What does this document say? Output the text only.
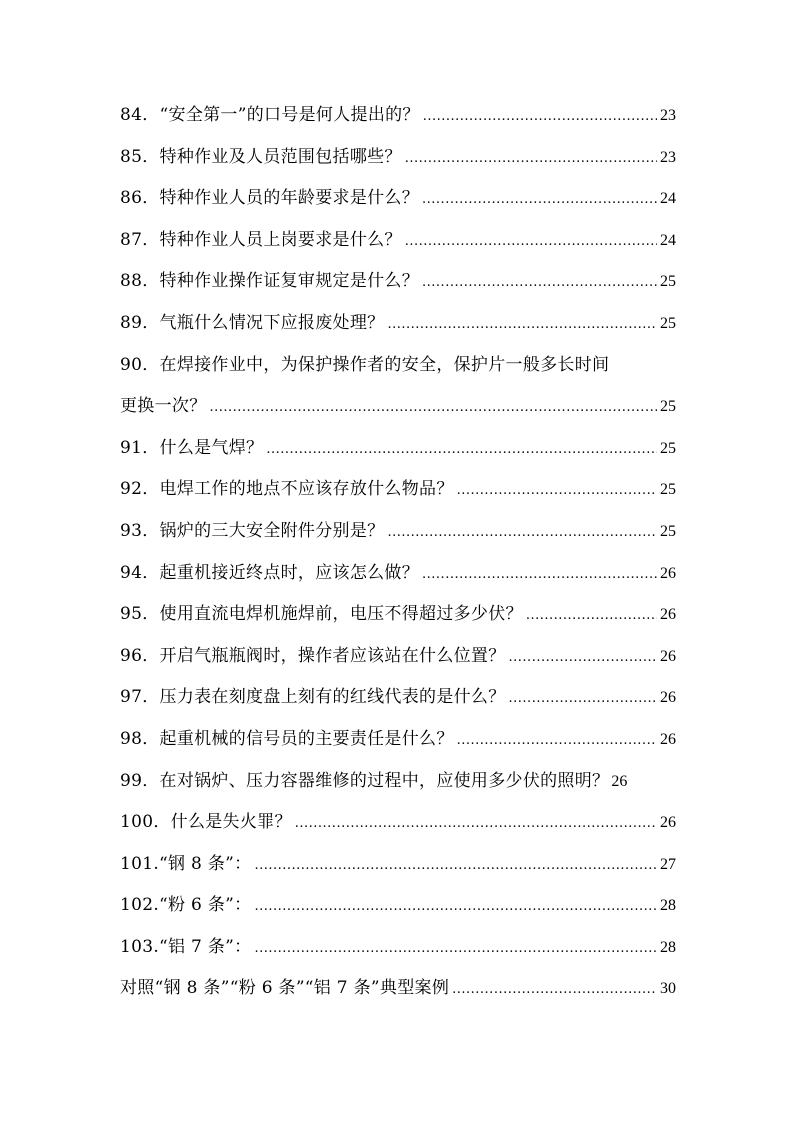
84．“安全第一”的口号是何人提出的？ .....	23
85．特种作业及人员范围包括哪些？ .....	23
86．特种作业人员的年龄要求是什么？ .....	24
87．特种作业人员上岗要求是什么？ .....	24
88．特种作业操作证复审规定是什么？ .....	25
89．气瓶什么情况下应报废处理？ .....	25
90．在焊接作业中，为保护操作者的安全，保护片一般多长时间
更换一次？ .....	25
91．什么是气焊？ .....	25
92．电焊工作的地点不应该存放什么物品？ .....	25
93．锅炉的三大安全附件分别是？ .....	25
94．起重机接近终点时，应该怎么做？ .....	26
95．使用直流电焊机施焊前，电压不得超过多少伏？ .....	26
96．开启气瓶瓶阀时，操作者应该站在什么位置？ .....	26
97．压力表在刻度盘上刻有的红线代表的是什么？ .....	26
98．起重机械的信号员的主要责任是什么？ .....	26
99．在对锅炉、压力容器维修的过程中，应使用多少伏的照明？ 26
100．什么是失火罪？ .....	26
101.“钢 8 条”： .....	27
102.“粉 6 条”： .....	28
103.“铝 7 条”： .....	28
对照“钢 8 条”“粉 6 条”“铝 7 条”典型案例 .....	30
